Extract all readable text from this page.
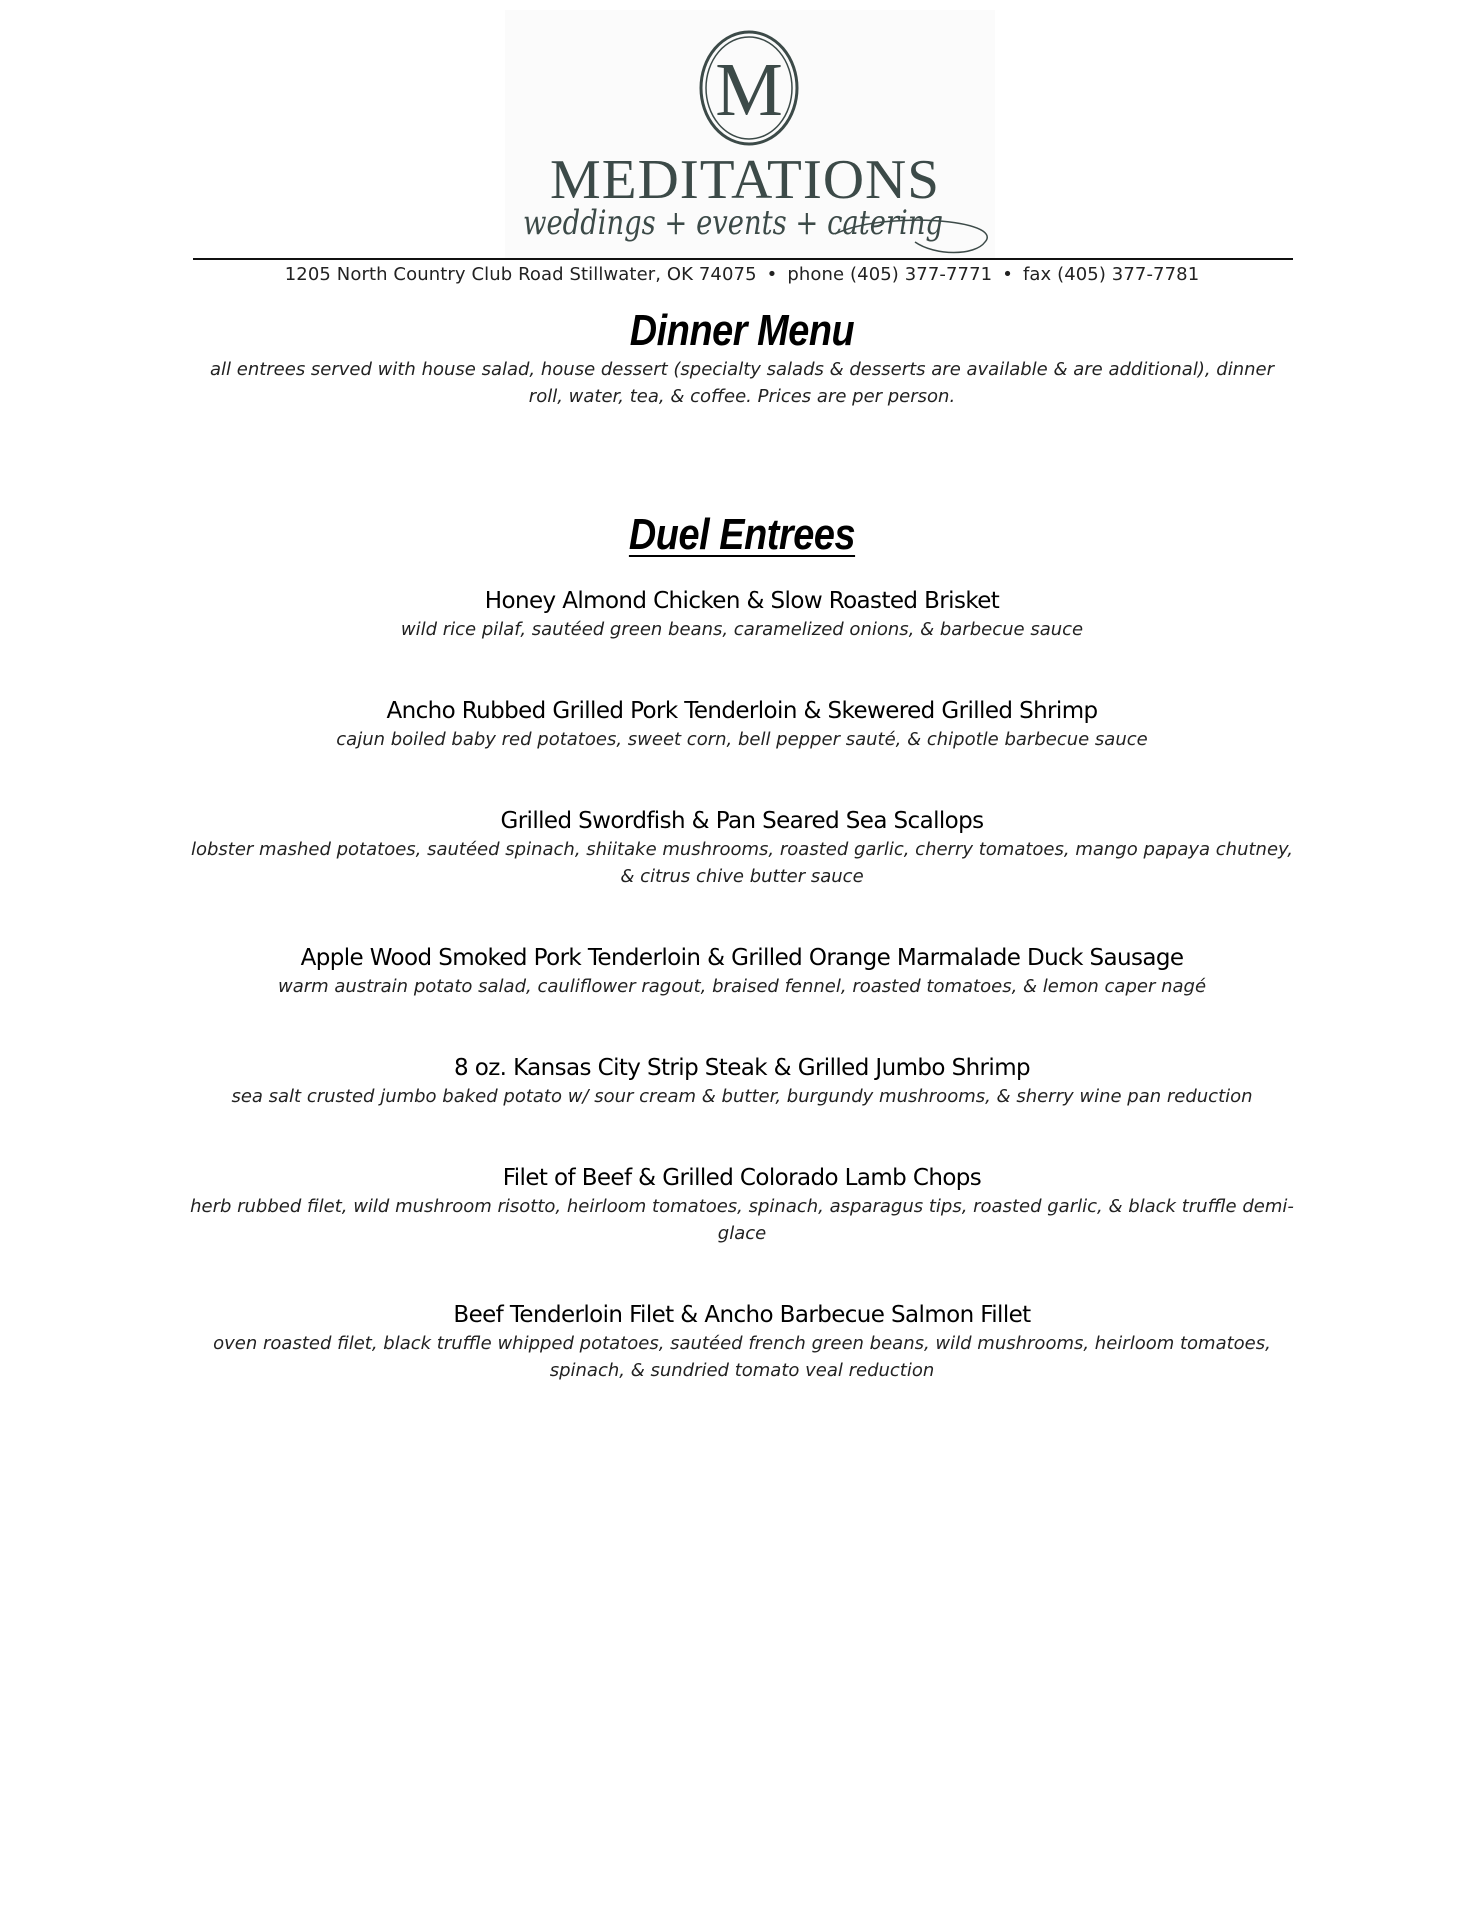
M
MEDITATIONS
weddings + events + catering
1205 North Country Club Road Stillwater, OK 74075 • phone (405) 377-7771 • fax (405) 377-7781
Dinner Menu
all entrees served with house salad, house dessert (specialty salads & desserts are available & are additional), dinner roll, water, tea, & coffee. Prices are per person.
Duel Entrees
Honey Almond Chicken & Slow Roasted Brisket
wild rice pilaf, sautéed green beans, caramelized onions, & barbecue sauce
Ancho Rubbed Grilled Pork Tenderloin & Skewered Grilled Shrimp
cajun boiled baby red potatoes, sweet corn, bell pepper sauté, & chipotle barbecue sauce
Grilled Swordfish & Pan Seared Sea Scallops
lobster mashed potatoes, sautéed spinach, shiitake mushrooms, roasted garlic, cherry tomatoes, mango papaya chutney, & citrus chive butter sauce
Apple Wood Smoked Pork Tenderloin & Grilled Orange Marmalade Duck Sausage
warm austrain potato salad, cauliflower ragout, braised fennel, roasted tomatoes, & lemon caper nagé
8 oz. Kansas City Strip Steak & Grilled Jumbo Shrimp
sea salt crusted jumbo baked potato w/ sour cream & butter, burgundy mushrooms, & sherry wine pan reduction
Filet of Beef & Grilled Colorado Lamb Chops
herb rubbed filet, wild mushroom risotto, heirloom tomatoes, spinach, asparagus tips, roasted garlic, & black truffle demi-glace
Beef Tenderloin Filet & Ancho Barbecue Salmon Fillet
oven roasted filet, black truffle whipped potatoes, sautéed french green beans, wild mushrooms, heirloom tomatoes, spinach, & sundried tomato veal reduction
